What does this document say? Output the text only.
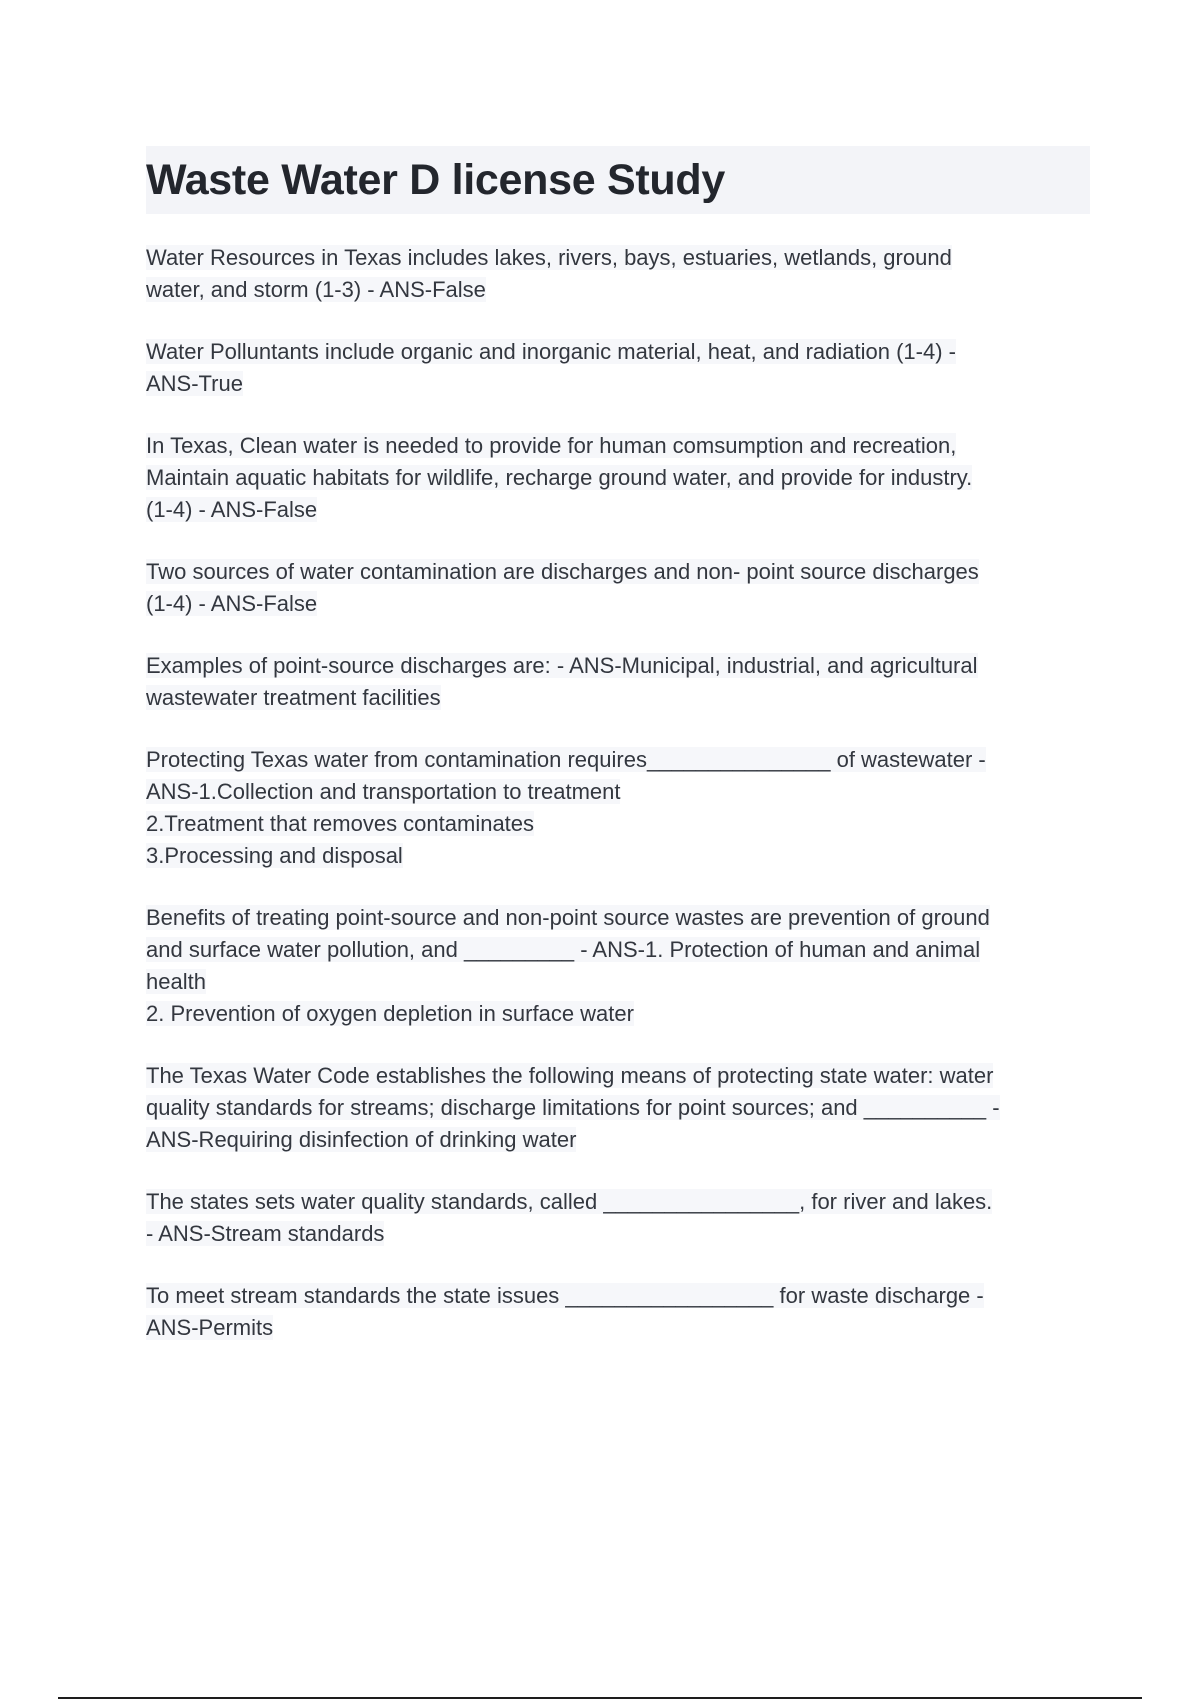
Waste Water D license Study
Water Resources in Texas includes lakes, rivers, bays, estuaries, wetlands, ground
water, and storm (1-3) - ANS-False
Water Polluntants include organic and inorganic material, heat, and radiation (1-4) -
ANS-True
In Texas, Clean water is needed to provide for human comsumption and recreation,
Maintain aquatic habitats for wildlife, recharge ground water, and provide for industry.
(1-4) - ANS-False
Two sources of water contamination are discharges and non- point source discharges
(1-4) - ANS-False
Examples of point-source discharges are: - ANS-Municipal, industrial, and agricultural
wastewater treatment facilities
Protecting Texas water from contamination requires_______________ of wastewater -
ANS-1.Collection and transportation to treatment
2.Treatment that removes contaminates
3.Processing and disposal
Benefits of treating point-source and non-point source wastes are prevention of ground
and surface water pollution, and _________ - ANS-1. Protection of human and animal
health
2. Prevention of oxygen depletion in surface water
The Texas Water Code establishes the following means of protecting state water: water
quality standards for streams; discharge limitations for point sources; and __________ -
ANS-Requiring disinfection of drinking water
The states sets water quality standards, called ________________, for river and lakes.
- ANS-Stream standards
To meet stream standards the state issues _________________ for waste discharge -
ANS-Permits
